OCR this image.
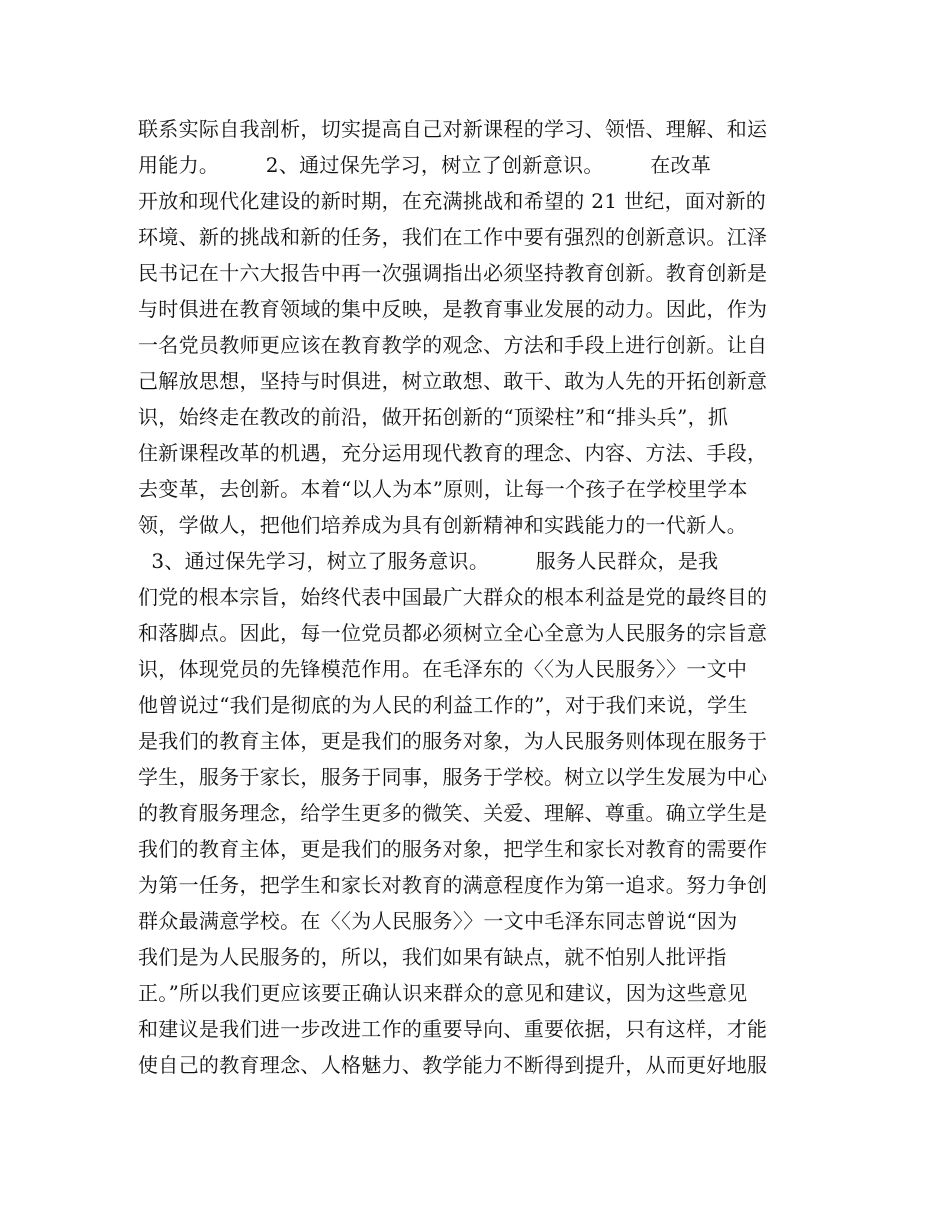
联系实际自我剖析，切实提高自己对新课程的学习、领悟、理解、和运
用能力。       2、通过保先学习，树立了创新意识。       在改革
开放和现代化建设的新时期，在充满挑战和希望的 21 世纪，面对新的
环境、新的挑战和新的任务，我们在工作中要有强烈的创新意识。江泽
民书记在十六大报告中再一次强调指出必须坚持教育创新。教育创新是
与时俱进在教育领域的集中反映，是教育事业发展的动力。因此，作为
一名党员教师更应该在教育教学的观念、方法和手段上进行创新。让自
己解放思想，坚持与时俱进，树立敢想、敢干、敢为人先的开拓创新意
识，始终走在教改的前沿，做开拓创新的“顶梁柱”和“排头兵”，抓
住新课程改革的机遇，充分运用现代教育的理念、内容、方法、手段，
去变革，去创新。本着“以人为本”原则，让每一个孩子在学校里学本
领，学做人，把他们培养成为具有创新精神和实践能力的一代新人。
3、通过保先学习，树立了服务意识。       服务人民群众，是我
们党的根本宗旨，始终代表中国最广大群众的根本利益是党的最终目的
和落脚点。因此，每一位党员都必须树立全心全意为人民服务的宗旨意
识，体现党员的先锋模范作用。在毛泽东的〈〈为人民服务〉〉一文中
他曾说过“我们是彻底的为人民的利益工作的”，对于我们来说，学生
是我们的教育主体，更是我们的服务对象，为人民服务则体现在服务于
学生，服务于家长，服务于同事，服务于学校。树立以学生发展为中心
的教育服务理念，给学生更多的微笑、关爱、理解、尊重。确立学生是
我们的教育主体，更是我们的服务对象，把学生和家长对教育的需要作
为第一任务，把学生和家长对教育的满意程度作为第一追求。努力争创
群众最满意学校。在〈〈为人民服务〉〉一文中毛泽东同志曾说“因为
我们是为人民服务的，所以，我们如果有缺点，就不怕别人批评指
正。”所以我们更应该要正确认识来群众的意见和建议，因为这些意见
和建议是我们进一步改进工作的重要导向、重要依据，只有这样，才能
使自己的教育理念、人格魅力、教学能力不断得到提升，从而更好地服
